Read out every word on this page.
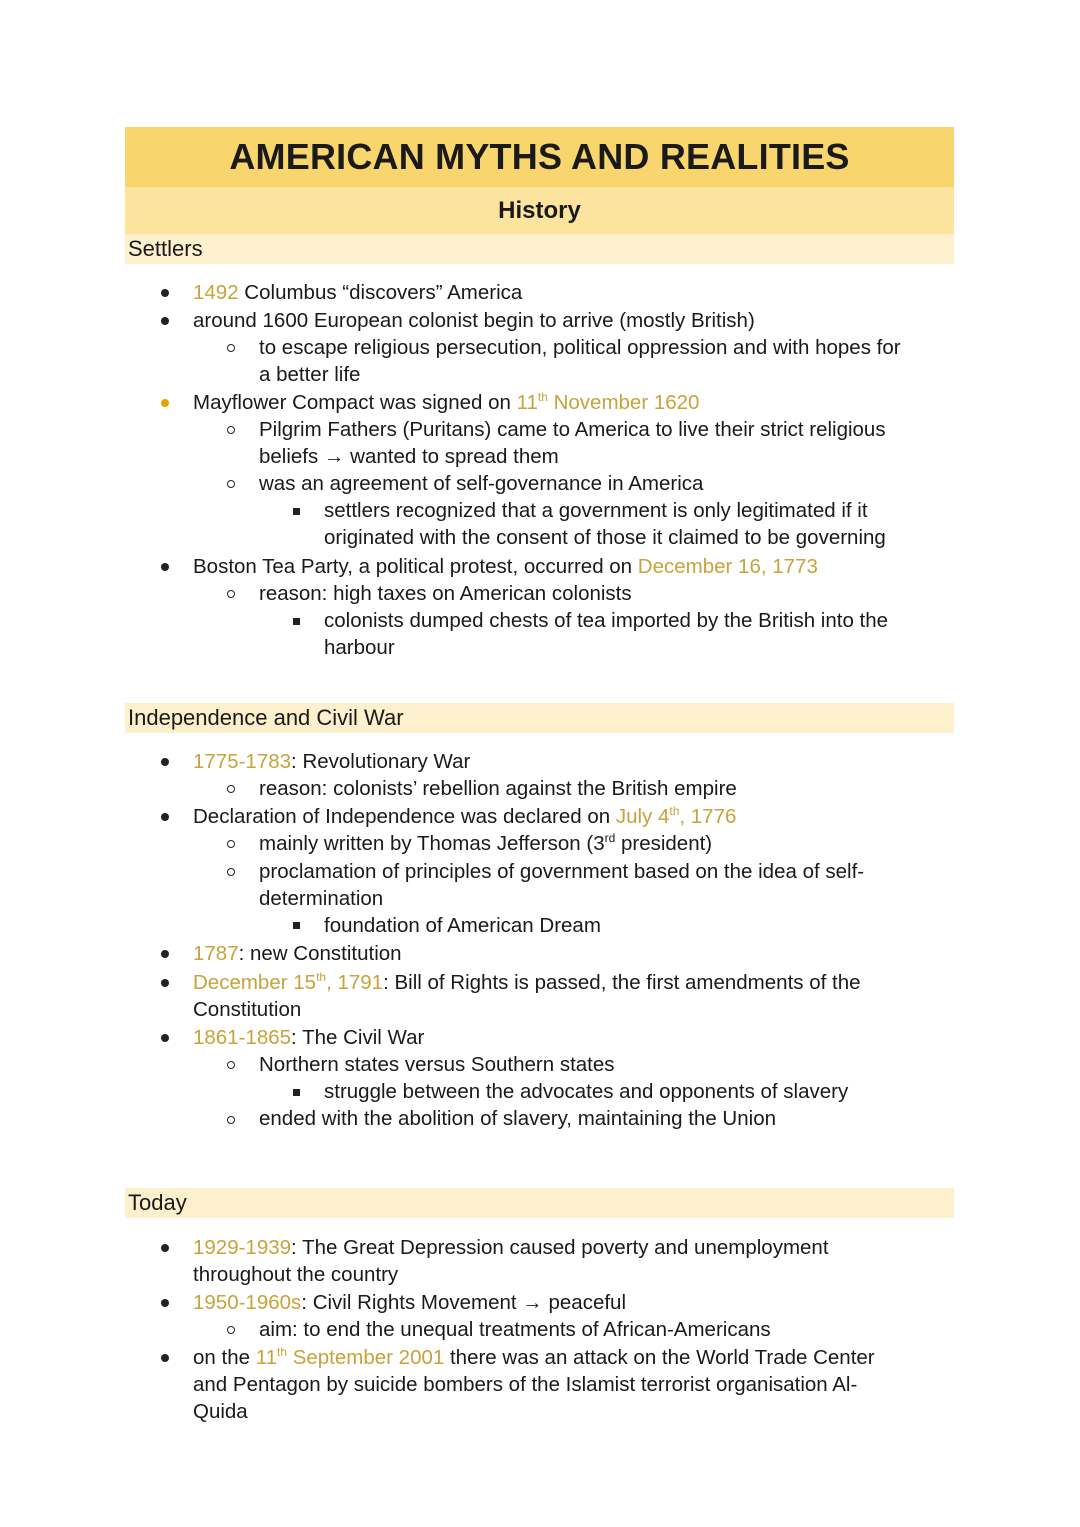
AMERICAN MYTHS AND REALITIES
History
Settlers
1492 Columbus “discovers” America
around 1600 European colonist begin to arrive (mostly British)
to escape religious persecution, political oppression and with hopes for
a better life
Mayflower Compact was signed on 11th November 1620
Pilgrim Fathers (Puritans) came to America to live their strict religious
beliefs → wanted to spread them
was an agreement of self-governance in America
settlers recognized that a government is only legitimated if it
originated with the consent of those it claimed to be governing
Boston Tea Party, a political protest, occurred on December 16, 1773
reason: high taxes on American colonists
colonists dumped chests of tea imported by the British into the
harbour
Independence and Civil War
1775-1783: Revolutionary War
reason: colonists’ rebellion against the British empire
Declaration of Independence was declared on July 4th, 1776
mainly written by Thomas Jefferson (3rd president)
proclamation of principles of government based on the idea of self-
determination
foundation of American Dream
1787: new Constitution
December 15th, 1791: Bill of Rights is passed, the first amendments of the
Constitution
1861-1865: The Civil War
Northern states versus Southern states
struggle between the advocates and opponents of slavery
ended with the abolition of slavery, maintaining the Union
Today
1929-1939: The Great Depression caused poverty and unemployment
throughout the country
1950-1960s: Civil Rights Movement → peaceful
aim: to end the unequal treatments of African-Americans
on the 11th September 2001 there was an attack on the World Trade Center
and Pentagon by suicide bombers of the Islamist terrorist organisation Al-
Quida
